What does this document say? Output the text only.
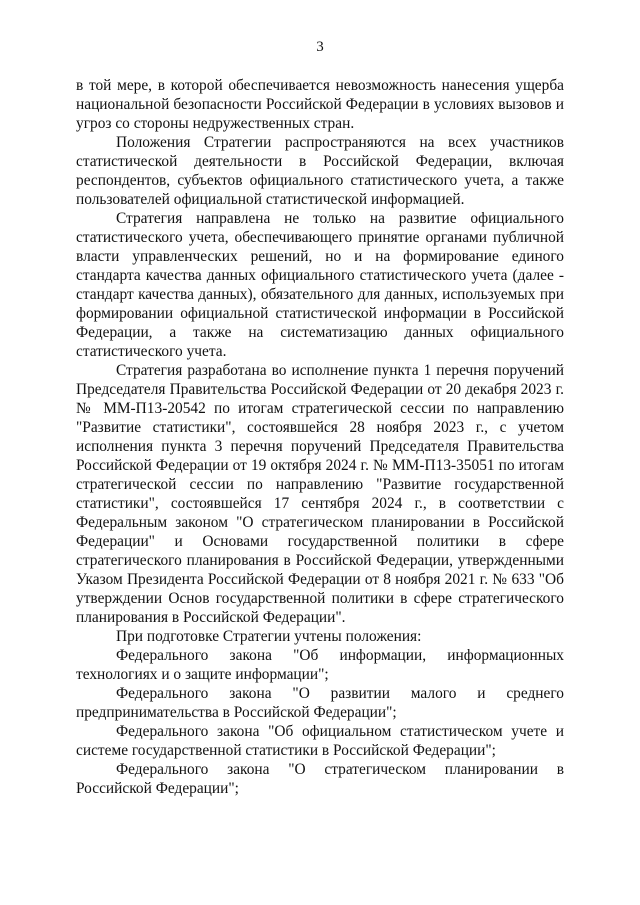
3

в той мере, в которой обеспечивается невозможность нанесения ущерба национальной безопасности Российской Федерации в условиях вызовов и угроз со стороны недружественных стран.

Положения Стратегии распространяются на всех участников статистической деятельности в Российской Федерации, включая респондентов, субъектов официального статистического учета, а также пользователей официальной статистической информацией.

Стратегия направлена не только на развитие официального статистического учета, обеспечивающего принятие органами публичной власти управленческих решений, но и на формирование единого стандарта качества данных официального статистического учета (далее - стандарт качества данных), обязательного для данных, используемых при формировании официальной статистической информации в Российской Федерации, а также на систематизацию данных официального статистического учета.

Стратегия разработана во исполнение пункта 1 перечня поручений Председателя Правительства Российской Федерации от 20 декабря 2023 г. № ММ-П13-20542 по итогам стратегической сессии по направлению "Развитие статистики", состоявшейся 28 ноября 2023 г., с учетом исполнения пункта 3 перечня поручений Председателя Правительства Российской Федерации от 19 октября 2024 г. № ММ-П13-35051 по итогам стратегической сессии по направлению "Развитие государственной статистики", состоявшейся 17 сентября 2024 г., в соответствии с Федеральным законом "О стратегическом планировании в Российской Федерации" и Основами государственной политики в сфере стратегического планирования в Российской Федерации, утвержденными Указом Президента Российской Федерации от 8 ноября 2021 г. № 633 "Об утверждении Основ государственной политики в сфере стратегического планирования в Российской Федерации".

При подготовке Стратегии учтены положения:

Федерального закона "Об информации, информационных технологиях и о защите информации";

Федерального закона "О развитии малого и среднего предпринимательства в Российской Федерации";

Федерального закона "Об официальном статистическом учете и системе государственной статистики в Российской Федерации";

Федерального закона "О стратегическом планировании в Российской Федерации";
